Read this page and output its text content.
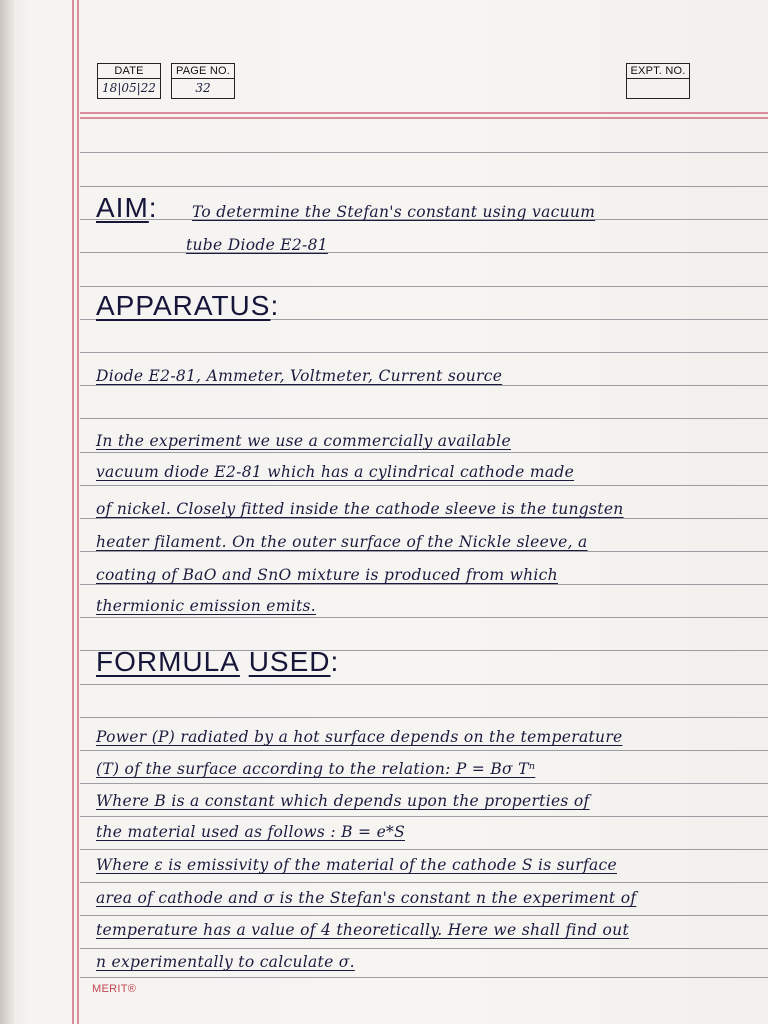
DATE
18|05|22
PAGE NO.
32
EXPT. NO.
AIM: To determine the Stefan's constant using vacuum
tube Diode E2-81
APPARATUS:
Diode E2-81, Ammeter, Voltmeter, Current source
In the experiment we use a commercially available
vacuum diode E2-81 which has a cylindrical cathode made
of nickel. Closely fitted inside the cathode sleeve is the tungsten
heater filament. On the outer surface of the Nickle sleeve, a
coating of BaO and SnO mixture is produced from which
thermionic emission emits.
FORMULA USED:
Power (P) radiated by a hot surface depends on the temperature
(T) of the surface according to the relation: P = Bσ Tⁿ
Where B is a constant which depends upon the properties of
the material used as follows : B = e*S
Where ε is emissivity of the material of the cathode S is surface
area of cathode and σ is the Stefan's constant n the experiment of
temperature has a value of 4 theoretically. Here we shall find out
n experimentally to calculate σ.
MERIT®
